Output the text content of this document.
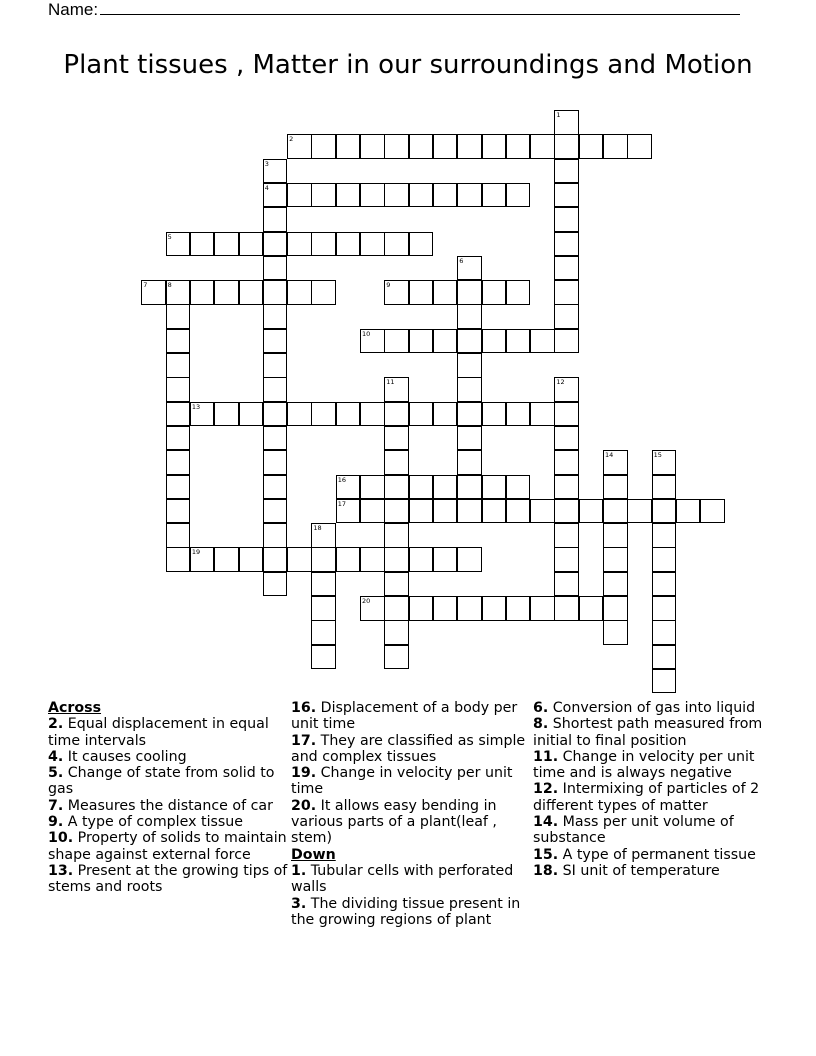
Name:
Plant tissues , Matter in our surroundings and Motion
1
2
3
4
5
6
7	8	9
10
11	12
13
14	15
16
17
18
19
20
Across
2. Equal displacement in equal time intervals
4. It causes cooling
5. Change of state from solid to gas
7. Measures the distance of car
9. A type of complex tissue
10. Property of solids to maintain shape against external force
13. Present at the growing tips of stems and roots
16. Displacement of a body per unit time
17. They are classified as simple and complex tissues
19. Change in velocity per unit time
20. It allows easy bending in various parts of a plant(leaf , stem)
Down
1. Tubular cells with perforated walls
3. The dividing tissue present in the growing regions of plant
6. Conversion of gas into liquid
8. Shortest path measured from initial to final position
11. Change in velocity per unit time and is always negative
12. Intermixing of particles of 2 different types of matter
14. Mass per unit volume of substance
15. A type of permanent tissue
18. SI unit of temperature
